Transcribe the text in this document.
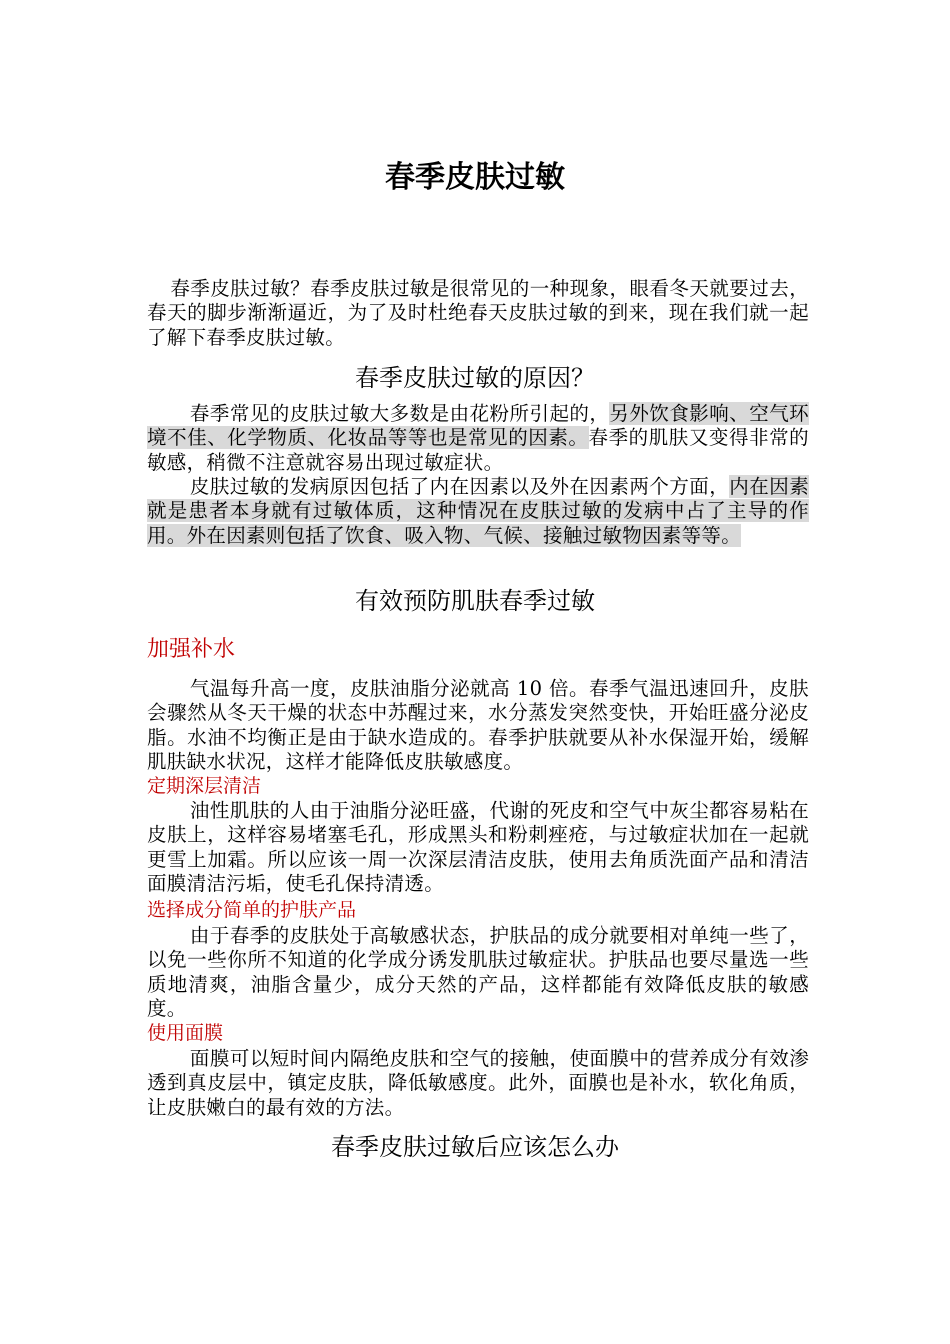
春季皮肤过敏

春季皮肤过敏？春季皮肤过敏是很常见的一种现象，眼看冬天就要过去，春天的脚步渐渐逼近，为了及时杜绝春天皮肤过敏的到来，现在我们就一起了解下春季皮肤过敏。

春季皮肤过敏的原因？

春季常见的皮肤过敏大多数是由花粉所引起的，另外饮食影响、空气环境不佳、化学物质、化妆品等等也是常见的因素。春季的肌肤又变得非常的敏感，稍微不注意就容易出现过敏症状。

皮肤过敏的发病原因包括了内在因素以及外在因素两个方面，内在因素就是患者本身就有过敏体质，这种情况在皮肤过敏的发病中占了主导的作用。外在因素则包括了饮食、吸入物、气候、接触过敏物因素等等。

有效预防肌肤春季过敏
加强补水

气温每升高一度，皮肤油脂分泌就高 10 倍。春季气温迅速回升，皮肤会骤然从冬天干燥的状态中苏醒过来，水分蒸发突然变快，开始旺盛分泌皮脂。水油不均衡正是由于缺水造成的。春季护肤就要从补水保湿开始，缓解肌肤缺水状况，这样才能降低皮肤敏感度。

定期深层清洁

油性肌肤的人由于油脂分泌旺盛，代谢的死皮和空气中灰尘都容易粘在皮肤上，这样容易堵塞毛孔，形成黑头和粉刺痤疮，与过敏症状加在一起就更雪上加霜。所以应该一周一次深层清洁皮肤，使用去角质洗面产品和清洁面膜清洁污垢，使毛孔保持清透。

选择成分简单的护肤产品

由于春季的皮肤处于高敏感状态，护肤品的成分就要相对单纯一些了，以免一些你所不知道的化学成分诱发肌肤过敏症状。护肤品也要尽量选一些质地清爽，油脂含量少，成分天然的产品，这样都能有效降低皮肤的敏感度。

使用面膜

面膜可以短时间内隔绝皮肤和空气的接触，使面膜中的营养成分有效渗透到真皮层中，镇定皮肤，降低敏感度。此外，面膜也是补水，软化角质，让皮肤嫩白的最有效的方法。

春季皮肤过敏后应该怎么办
